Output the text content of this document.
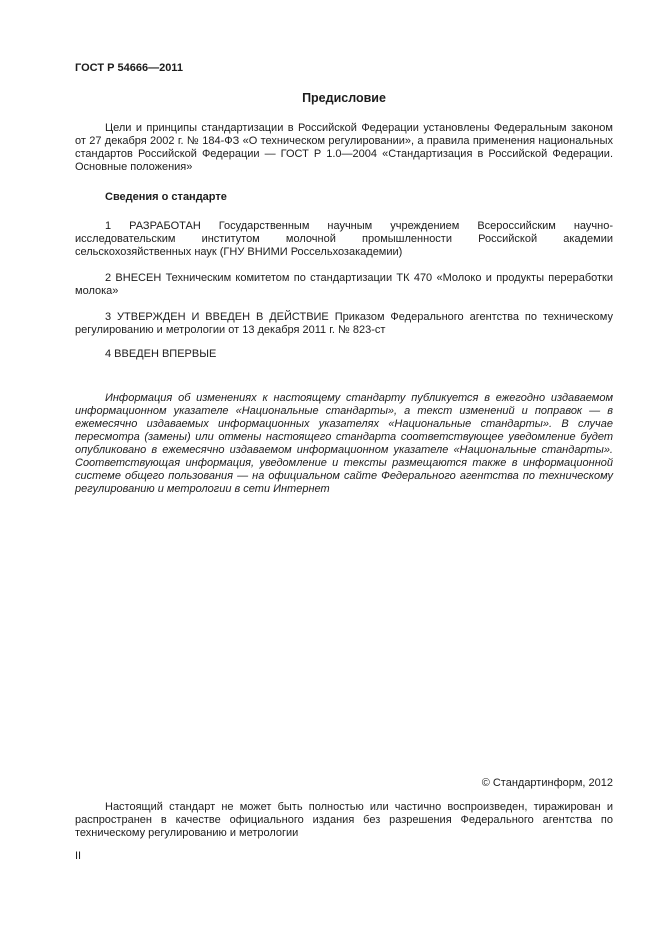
ГОСТ Р 54666—2011
Предисловие

Цели и принципы стандартизации в Российской Федерации установлены Федеральным законом от 27 декабря 2002 г. № 184-ФЗ «О техническом регулировании», а правила применения национальных стандартов Российской Федерации — ГОСТ Р 1.0—2004 «Стандартизация в Российской Федерации. Основные положения»

Сведения о стандарте

1 РАЗРАБОТАН Государственным научным учреждением Всероссийским научно-исследовательским институтом молочной промышленности Российской академии сельскохозяйственных наук (ГНУ ВНИМИ Россельхозакадемии)

2 ВНЕСЕН Техническим комитетом по стандартизации ТК 470 «Молоко и продукты переработки молока»

3 УТВЕРЖДЕН И ВВЕДЕН В ДЕЙСТВИЕ Приказом Федерального агентства по техническому регулированию и метрологии от 13 декабря 2011 г. № 823-ст

4 ВВЕДЕН ВПЕРВЫЕ

Информация об изменениях к настоящему стандарту публикуется в ежегодно издаваемом информационном указателе «Национальные стандарты», а текст изменений и поправок — в ежемесячно издаваемых информационных указателях «Национальные стандарты». В случае пересмотра (замены) или отмены настоящего стандарта соответствующее уведомление будет опубликовано в ежемесячно издаваемом информационном указателе «Национальные стандарты». Соответствующая информация, уведомление и тексты размещаются также в информационной системе общего пользования — на официальном сайте Федерального агентства по техническому регулированию и метрологии в сети Интернет

© Стандартинформ, 2012

Настоящий стандарт не может быть полностью или частично воспроизведен, тиражирован и распространен в качестве официального издания без разрешения Федерального агентства по техническому регулированию и метрологии

II
